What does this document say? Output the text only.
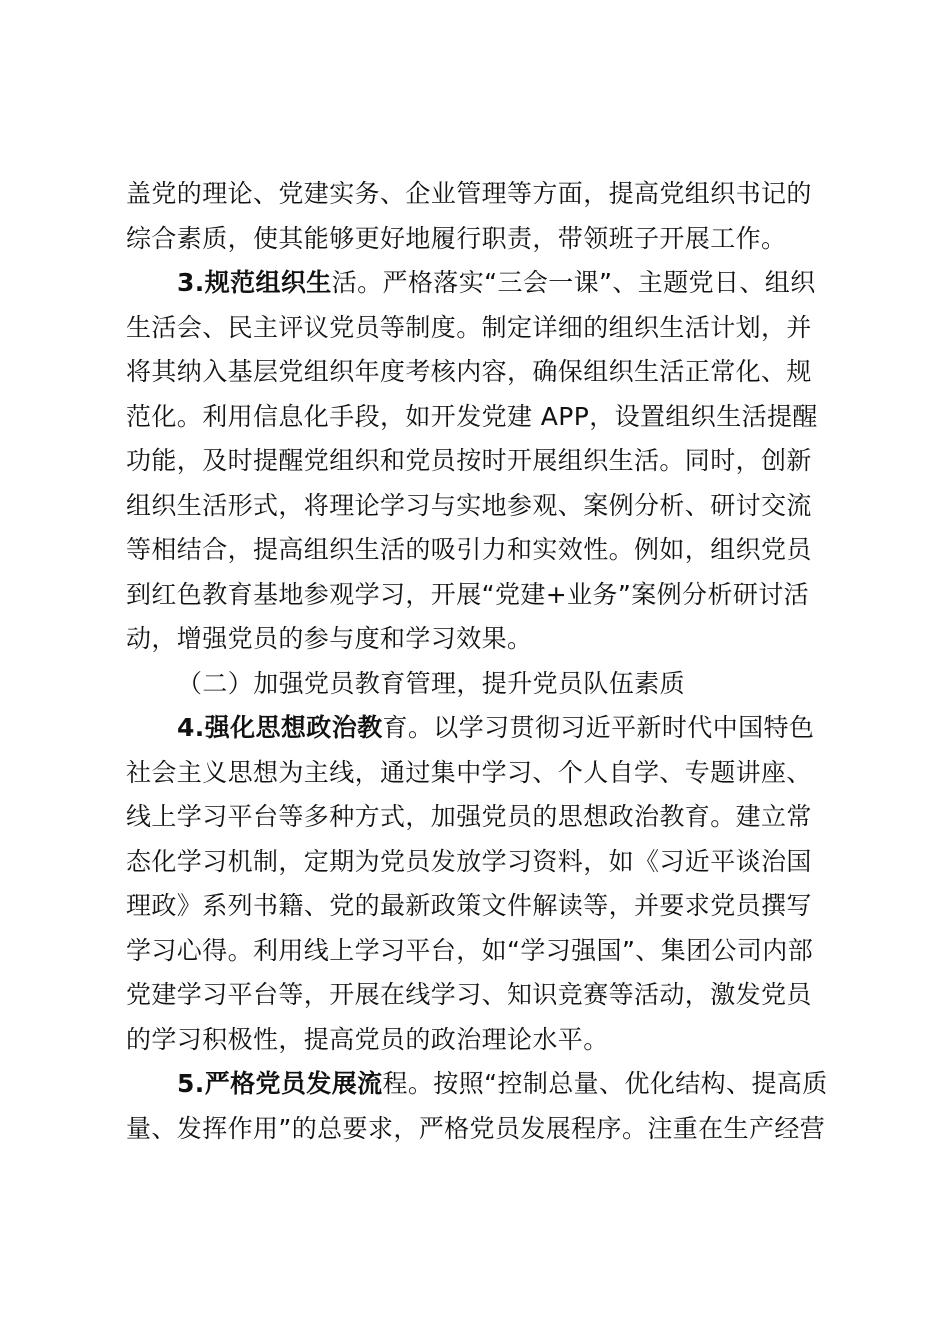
盖党的理论、党建实务、企业管理等方面，提高党组织书记的
综合素质，使其能够更好地履行职责，带领班子开展工作。
3.规范组织生活。严格落实“三会一课”、主题党日、组织
生活会、民主评议党员等制度。制定详细的组织生活计划，并
将其纳入基层党组织年度考核内容，确保组织生活正常化、规
范化。利用信息化手段，如开发党建 APP，设置组织生活提醒
功能，及时提醒党组织和党员按时开展组织生活。同时，创新
组织生活形式，将理论学习与实地参观、案例分析、研讨交流
等相结合，提高组织生活的吸引力和实效性。例如，组织党员
到红色教育基地参观学习，开展“党建+业务”案例分析研讨活
动，增强党员的参与度和学习效果。
（二）加强党员教育管理，提升党员队伍素质
4.强化思想政治教育。以学习贯彻习近平新时代中国特色
社会主义思想为主线，通过集中学习、个人自学、专题讲座、
线上学习平台等多种方式，加强党员的思想政治教育。建立常
态化学习机制，定期为党员发放学习资料，如《习近平谈治国
理政》系列书籍、党的最新政策文件解读等，并要求党员撰写
学习心得。利用线上学习平台，如“学习强国”、集团公司内部
党建学习平台等，开展在线学习、知识竞赛等活动，激发党员
的学习积极性，提高党员的政治理论水平。
5.严格党员发展流程。按照“控制总量、优化结构、提高质
量、发挥作用”的总要求，严格党员发展程序。注重在生产经营
